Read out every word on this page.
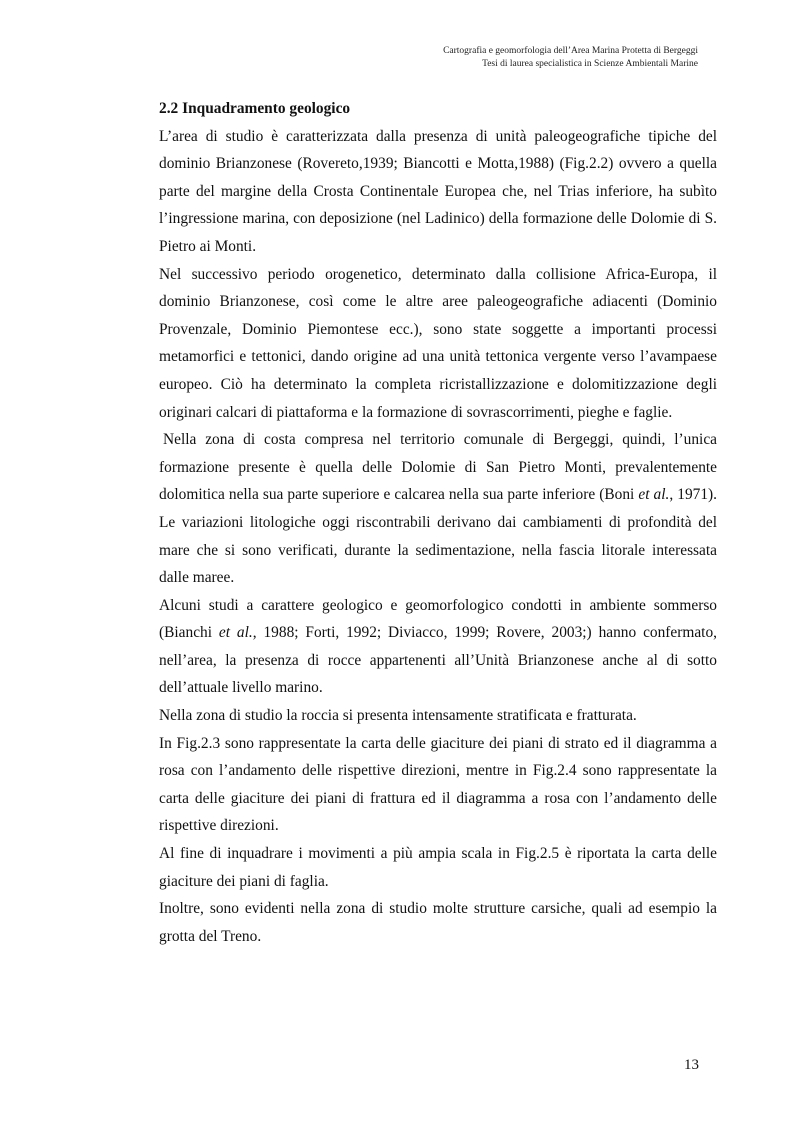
Cartografia e geomorfologia dell’Area Marina Protetta di Bergeggi
Tesi di laurea specialistica in Scienze Ambientali Marine

2.2 Inquadramento geologico

L’area di studio è caratterizzata dalla presenza di unità paleogeografiche tipiche del dominio Brianzonese (Rovereto,1939; Biancotti e Motta,1988) (Fig.2.2) ovvero a quella parte del margine della Crosta Continentale Europea che, nel Trias inferiore, ha subìto l’ingressione marina, con deposizione (nel Ladinico) della formazione delle Dolomie di S. Pietro ai Monti.

Nel successivo periodo orogenetico, determinato dalla collisione Africa-Europa, il dominio Brianzonese, così come le altre aree paleogeografiche adiacenti (Dominio Provenzale, Dominio Piemontese ecc.), sono state soggette a importanti processi metamorfici e tettonici, dando origine ad una unità tettonica vergente verso l’avampaese europeo. Ciò ha determinato la completa ricristallizzazione e dolomitizzazione degli originari calcari di piattaforma e la formazione di sovrascorrimenti, pieghe e faglie.

Nella zona di costa compresa nel territorio comunale di Bergeggi, quindi, l’unica formazione presente è quella delle Dolomie di San Pietro Monti, prevalentemente dolomitica nella sua parte superiore e calcarea nella sua parte inferiore (Boni et al., 1971). Le variazioni litologiche oggi riscontrabili derivano dai cambiamenti di profondità del mare che si sono verificati, durante la sedimentazione, nella fascia litorale interessata dalle maree.

Alcuni studi a carattere geologico e geomorfologico condotti in ambiente sommerso (Bianchi et al., 1988; Forti, 1992; Diviacco, 1999; Rovere, 2003;) hanno confermato, nell’area, la presenza di rocce appartenenti all’Unità Brianzonese anche al di sotto dell’attuale livello marino.

Nella zona di studio la roccia si presenta intensamente stratificata e fratturata.

In Fig.2.3 sono rappresentate la carta delle giaciture dei piani di strato ed il diagramma a rosa con l’andamento delle rispettive direzioni, mentre in Fig.2.4 sono rappresentate la carta delle giaciture dei piani di frattura ed il diagramma a rosa con l’andamento delle rispettive direzioni.

Al fine di inquadrare i movimenti a più ampia scala in Fig.2.5 è riportata la carta delle giaciture dei piani di faglia.

Inoltre, sono evidenti nella zona di studio molte strutture carsiche, quali ad esempio la grotta del Treno.

13
